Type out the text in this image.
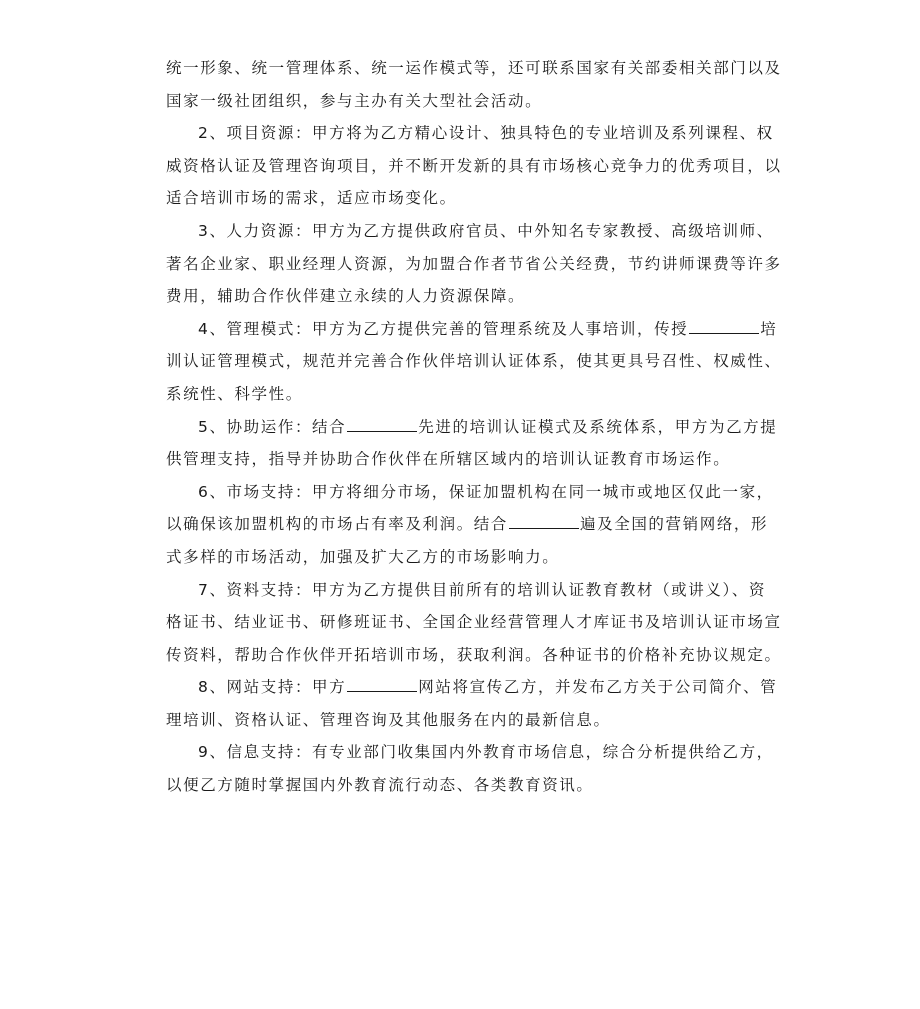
统一形象、统一管理体系、统一运作模式等，还可联系国家有关部委相关部门以及
国家一级社团组织，参与主办有关大型社会活动。
2、项目资源：甲方将为乙方精心设计、独具特色的专业培训及系列课程、权
威资格认证及管理咨询项目，并不断开发新的具有市场核心竞争力的优秀项目，以
适合培训市场的需求，适应市场变化。
3、人力资源：甲方为乙方提供政府官员、中外知名专家教授、高级培训师、
著名企业家、职业经理人资源，为加盟合作者节省公关经费，节约讲师课费等许多
费用，辅助合作伙伴建立永续的人力资源保障。
4、管理模式：甲方为乙方提供完善的管理系统及人事培训，传授	培
训认证管理模式，规范并完善合作伙伴培训认证体系，使其更具号召性、权威性、
系统性、科学性。
5、协助运作：结合	先进的培训认证模式及系统体系，甲方为乙方提
供管理支持，指导并协助合作伙伴在所辖区域内的培训认证教育市场运作。
6、市场支持：甲方将细分市场，保证加盟机构在同一城市或地区仅此一家，
以确保该加盟机构的市场占有率及利润。结合	遍及全国的营销网络，形
式多样的市场活动，加强及扩大乙方的市场影响力。
7、资料支持：甲方为乙方提供目前所有的培训认证教育教材（或讲义）、资
格证书、结业证书、研修班证书、全国企业经营管理人才库证书及培训认证市场宣
传资料，帮助合作伙伴开拓培训市场，获取利润。各种证书的价格补充协议规定。
8、网站支持：甲方	网站将宣传乙方，并发布乙方关于公司简介、管
理培训、资格认证、管理咨询及其他服务在内的最新信息。
9、信息支持：有专业部门收集国内外教育市场信息，综合分析提供给乙方，
以便乙方随时掌握国内外教育流行动态、各类教育资讯。
